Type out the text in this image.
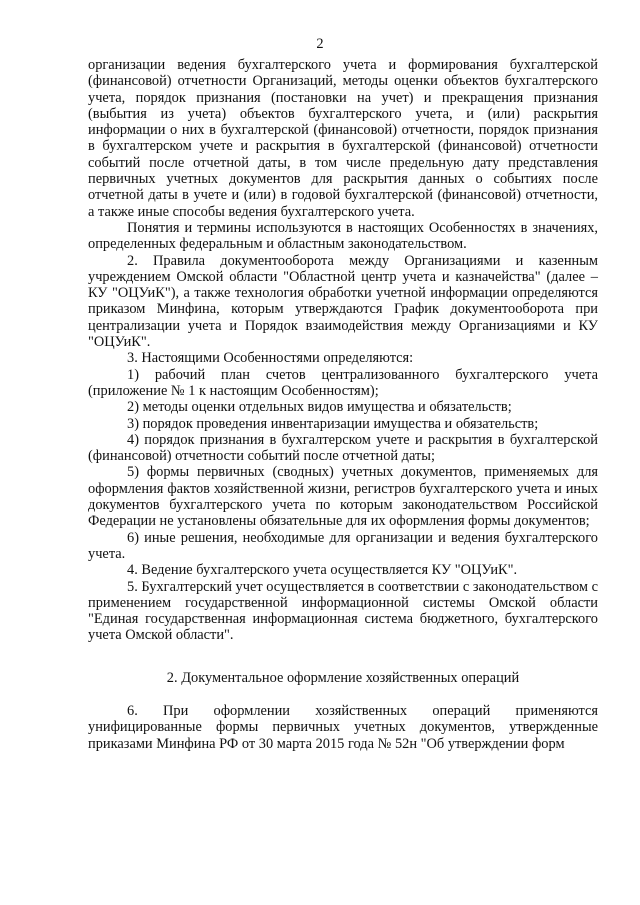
2

организации ведения бухгалтерского учета и формирования бухгалтерской (финансовой) отчетности Организаций, методы оценки объектов бухгалтерского учета, порядок признания (постановки на учет) и прекращения признания (выбытия из учета) объектов бухгалтерского учета, и (или) раскрытия информации о них в бухгалтерской (финансовой) отчетности, порядок признания в бухгалтерском учете и раскрытия в бухгалтерской (финансовой) отчетности событий после отчетной даты, в том числе предельную дату представления первичных учетных документов для раскрытия данных о событиях после отчетной даты в учете и (или) в годовой бухгалтерской (финансовой) отчетности, а также иные способы ведения бухгалтерского учета.

Понятия и термины используются в настоящих Особенностях в значениях, определенных федеральным и областным законодательством.

2. Правила документооборота между Организациями и казенным учреждением Омской области "Областной центр учета и казначейства" (далее – КУ "ОЦУиК"), а также технология обработки учетной информации определяются приказом Минфина, которым утверждаются График документооборота при централизации учета и Порядок взаимодействия между Организациями и КУ "ОЦУиК".

3. Настоящими Особенностями определяются:

1) рабочий план счетов централизованного бухгалтерского учета (приложение № 1 к настоящим Особенностям);

2) методы оценки отдельных видов имущества и обязательств;

3) порядок проведения инвентаризации имущества и обязательств;

4) порядок признания в бухгалтерском учете и раскрытия в бухгалтерской (финансовой) отчетности событий после отчетной даты;

5) формы первичных (сводных) учетных документов, применяемых для оформления фактов хозяйственной жизни, регистров бухгалтерского учета и иных документов бухгалтерского учета по которым законодательством Российской Федерации не установлены обязательные для их оформления формы документов;

6) иные решения, необходимые для организации и ведения бухгалтерского учета.

4. Ведение бухгалтерского учета осуществляется КУ "ОЦУиК".

5. Бухгалтерский учет осуществляется в соответствии с законодательством с применением государственной информационной системы Омской области "Единая государственная информационная система бюджетного, бухгалтерского учета Омской области".

2. Документальное оформление хозяйственных операций

6. При оформлении хозяйственных операций применяются унифицированные формы первичных учетных документов, утвержденные приказами Минфина РФ от 30 марта 2015 года № 52н "Об утверждении форм
